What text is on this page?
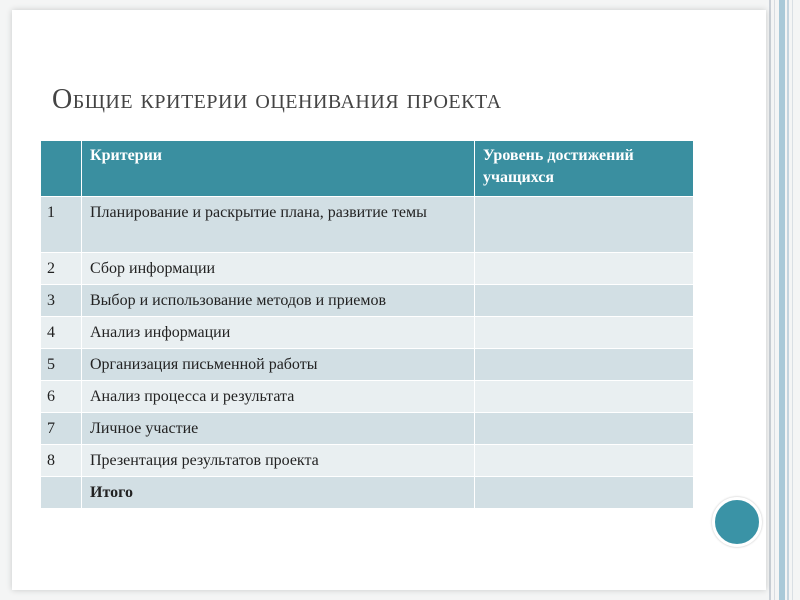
Общие критерии оценивания проекта
	Критерии	Уровень достижений учащихся
1	Планирование и раскрытие плана, развитие темы	
2	Сбор информации	
3	Выбор и использование методов и приемов	
4	Анализ информации	
5	Организация письменной работы	
6	Анализ процесса и результата	
7	Личное участие	
8	Презентация результатов проекта	
	Итого	
